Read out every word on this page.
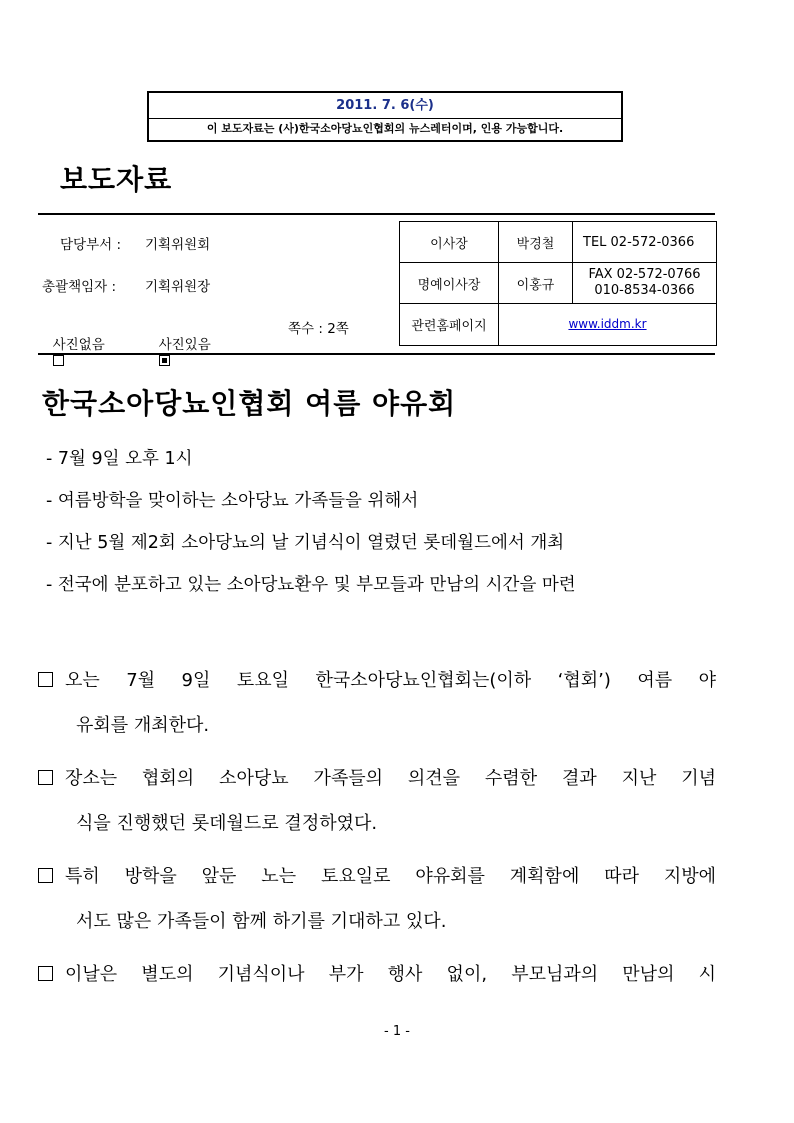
2011. 7. 6(수)
이 보도자료는 (사)한국소아당뇨인협회의 뉴스레터이며, 인용 가능합니다.
보도자료
담당부서 : 기획위원회
총괄책임자 : 기획위원장

사진없음
	사진있음

쪽수 : 2쪽
이사장	박경철	TEL 02-572-0366
명예이사장	이홍규	FAX 02-572-0766
010-8534-0366

관련홈페이지	www.iddm.kr	
한국소아당뇨인협회 여름 야유회
- 7월 9일 오후 1시
- 여름방학을 맞이하는 소아당뇨 가족들을 위해서
- 지난 5월 제2회 소아당뇨의 날 기념식이 열렸던 롯데월드에서 개최
- 전국에 분포하고 있는 소아당뇨환우 및 부모들과 만남의 시간을 마련
오는 7월 9일 토요일 한국소아당뇨인협회는(이하 ‘협회’) 여름 야
유회를 개최한다.
장소는 협회의 소아당뇨 가족들의 의견을 수렴한 결과 지난 기념
식을 진행했던 롯데월드로 결정하였다.
특히 방학을 앞둔 노는 토요일로 야유회를 계획함에 따라 지방에
서도 많은 가족들이 함께 하기를 기대하고 있다.
이날은 별도의 기념식이나 부가 행사 없이, 부모님과의 만남의 시
- 1 -
